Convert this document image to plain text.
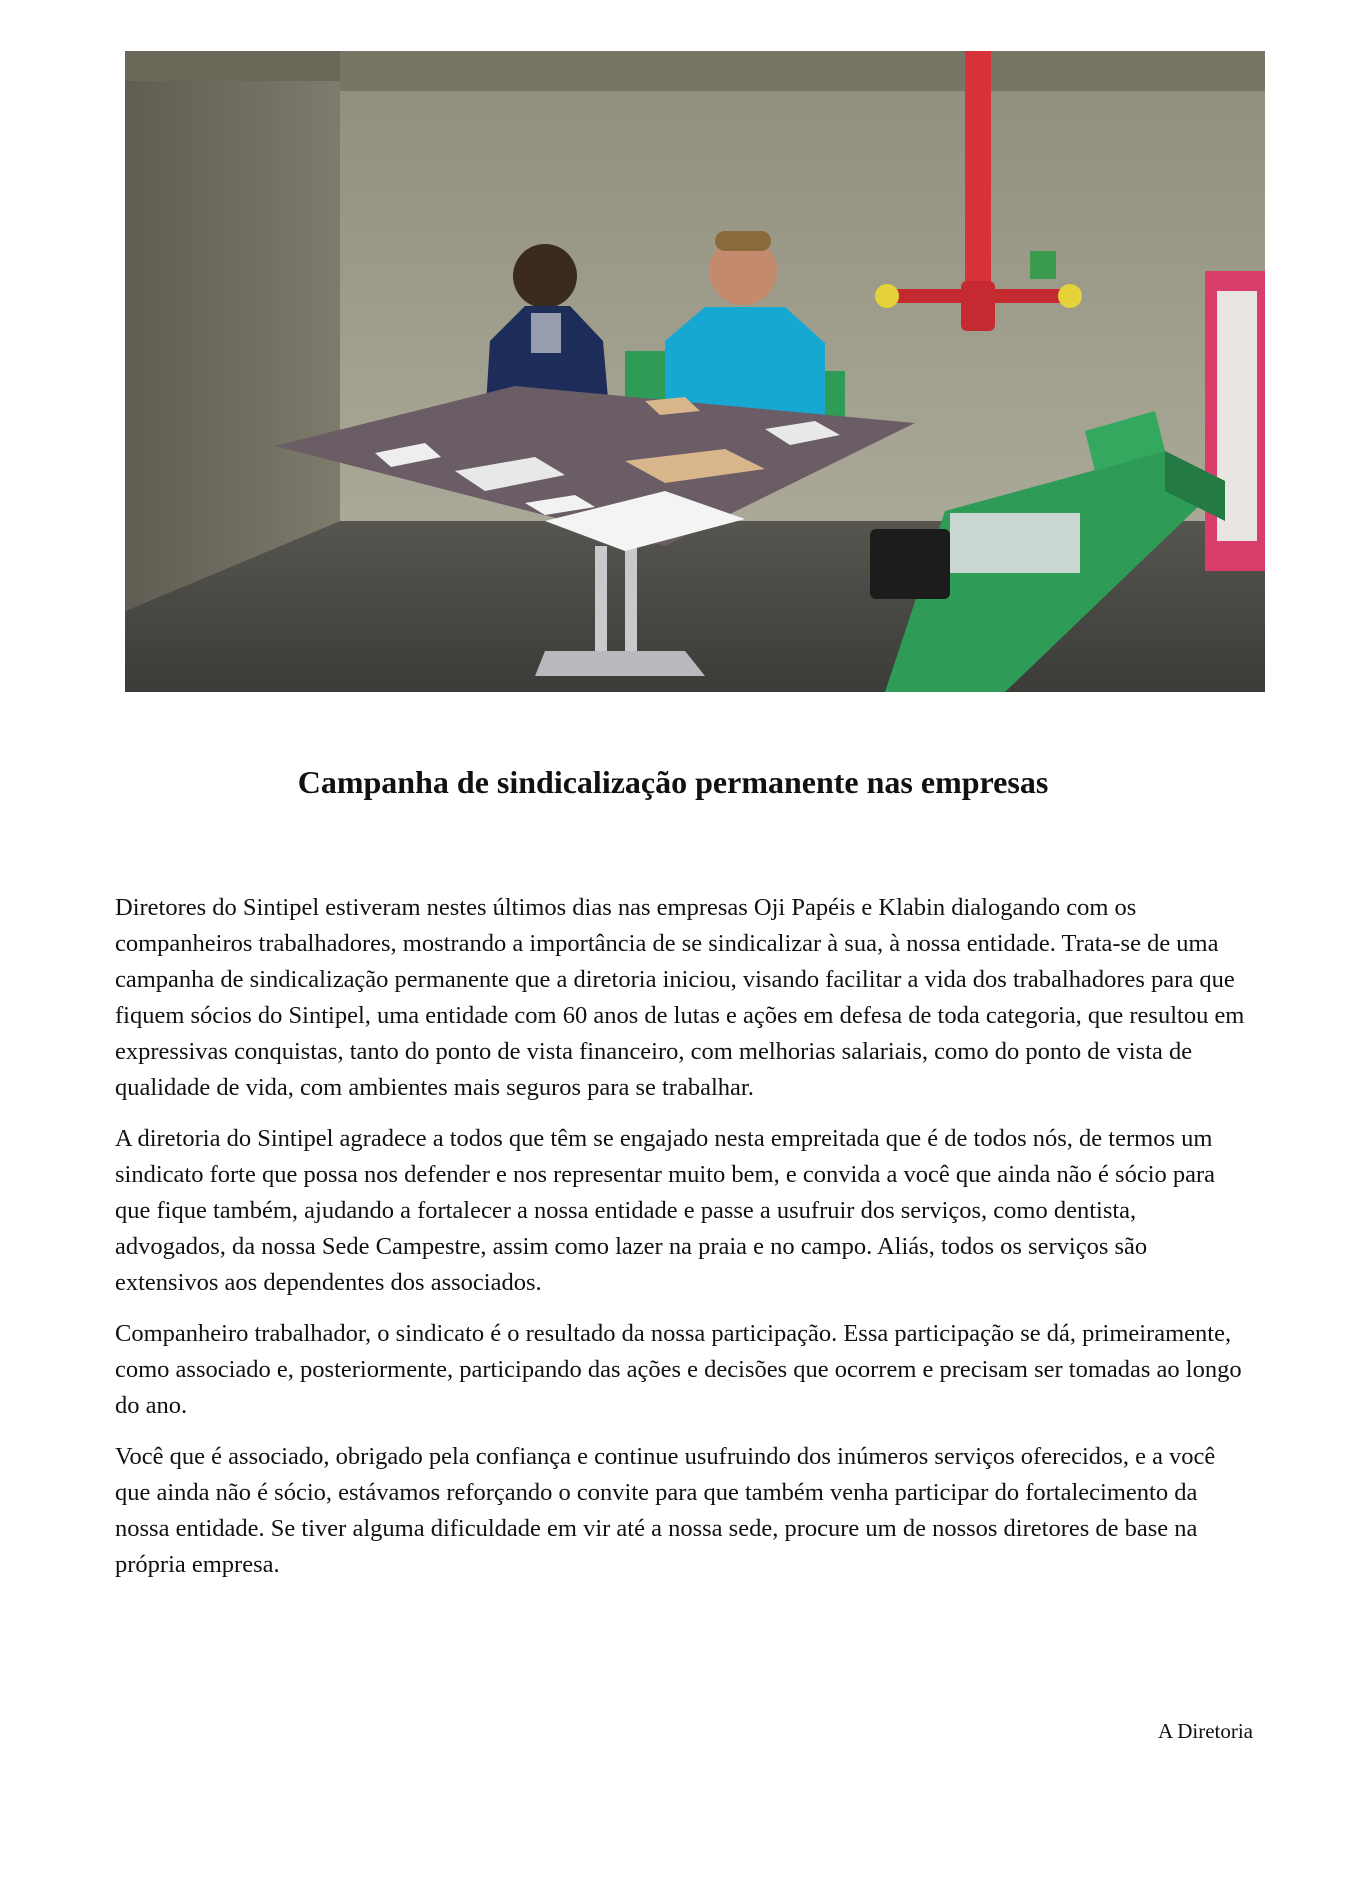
Campanha de sindicalização permanente nas empresas

Diretores do Sintipel estiveram nestes últimos dias nas empresas Oji Papéis e Klabin dialogando com os companheiros trabalhadores, mostrando a importância de se sindicalizar à sua, à nossa entidade. Trata-se de uma campanha de sindicalização permanente que a diretoria iniciou, visando facilitar a vida dos trabalhadores para que fiquem sócios do Sintipel, uma entidade com 60 anos de lutas e ações em defesa de toda categoria, que resultou em expressivas conquistas, tanto do ponto de vista financeiro, com melhorias salariais, como do ponto de vista de qualidade de vida, com ambientes mais seguros para se trabalhar.

A diretoria do Sintipel agradece a todos que têm se engajado nesta empreitada que é de todos nós, de termos um sindicato forte que possa nos defender e nos representar muito bem, e convida a você que ainda não é sócio para que fique também, ajudando a fortalecer a nossa entidade e passe a usufruir dos serviços, como dentista, advogados, da nossa Sede Campestre, assim como lazer na praia e no campo. Aliás, todos os serviços são extensivos aos dependentes dos associados.

Companheiro trabalhador, o sindicato é o resultado da nossa participação. Essa participação se dá, primeiramente, como associado e, posteriormente, participando das ações e decisões que ocorrem e precisam ser tomadas ao longo do ano.

Você que é associado, obrigado pela confiança e continue usufruindo dos inúmeros serviços oferecidos, e a você que ainda não é sócio, estávamos reforçando o convite para que também venha participar do fortalecimento da nossa entidade. Se tiver alguma dificuldade em vir até a nossa sede, procure um de nossos diretores de base na própria empresa.

A Diretoria
